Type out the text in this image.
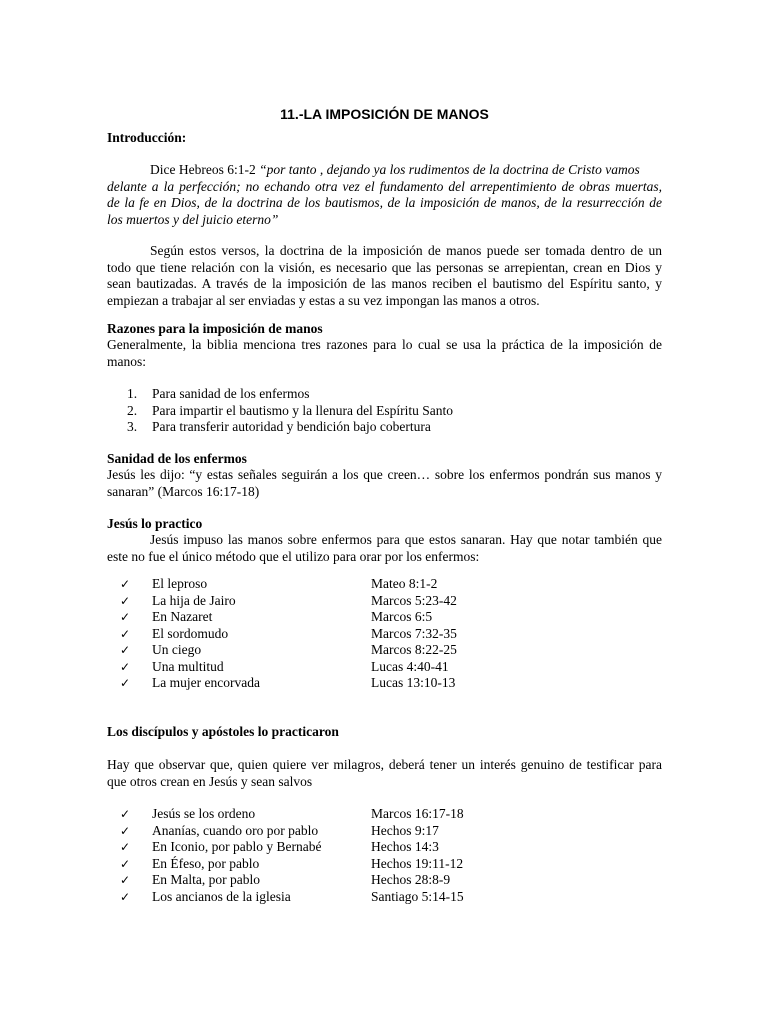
11.-LA IMPOSICIÓN DE MANOS
Introducción:
Dice Hebreos 6:1-2 “por tanto , dejando ya los rudimentos de la doctrina de Cristo vamos
delante a la perfección; no echando otra vez el fundamento del arrepentimiento de obras muertas,
de la fe en Dios, de la doctrina de los bautismos, de la imposición de manos, de la resurrección de
los muertos y del juicio eterno”
Según estos versos, la doctrina de la imposición de manos puede ser tomada dentro de un
todo que tiene relación con la visión, es necesario que las personas se arrepientan, crean en Dios y
sean bautizadas. A través de la imposición de las manos reciben el bautismo del Espíritu santo, y
empiezan a trabajar al ser enviadas y estas a su vez impongan las manos a otros.
Razones para la imposición de manos
Generalmente, la biblia menciona tres razones para lo cual se usa la práctica de la imposición de
manos:
1. Para sanidad de los enfermos
2. Para impartir el bautismo y la llenura del Espíritu Santo
3. Para transferir autoridad y bendición bajo cobertura
Sanidad de los enfermos
Jesús les dijo: “y estas señales seguirán a los que creen… sobre los enfermos pondrán sus manos y
sanaran” (Marcos 16:17-18)
Jesús lo practico
Jesús impuso las manos sobre enfermos para que estos sanaran. Hay que notar también que
este no fue el único método que el utilizo para orar por los enfermos:
✓ El leproso	Mateo 8:1-2
✓ La hija de Jairo	Marcos 5:23-42
✓ En Nazaret	Marcos 6:5
✓ El sordomudo	Marcos 7:32-35
✓ Un ciego	Marcos 8:22-25
✓ Una multitud	Lucas 4:40-41
✓ La mujer encorvada	Lucas 13:10-13
Los discípulos y apóstoles lo practicaron
Hay que observar que, quien quiere ver milagros, deberá tener un interés genuino de testificar para
que otros crean en Jesús y sean salvos
✓ Jesús se los ordeno	Marcos 16:17-18
✓ Ananías, cuando oro por pablo	Hechos 9:17
✓ En Iconio, por pablo y Bernabé	Hechos 14:3
✓ En Éfeso, por pablo	Hechos 19:11-12
✓ En Malta, por pablo	Hechos 28:8-9
✓ Los ancianos de la iglesia	Santiago 5:14-15
